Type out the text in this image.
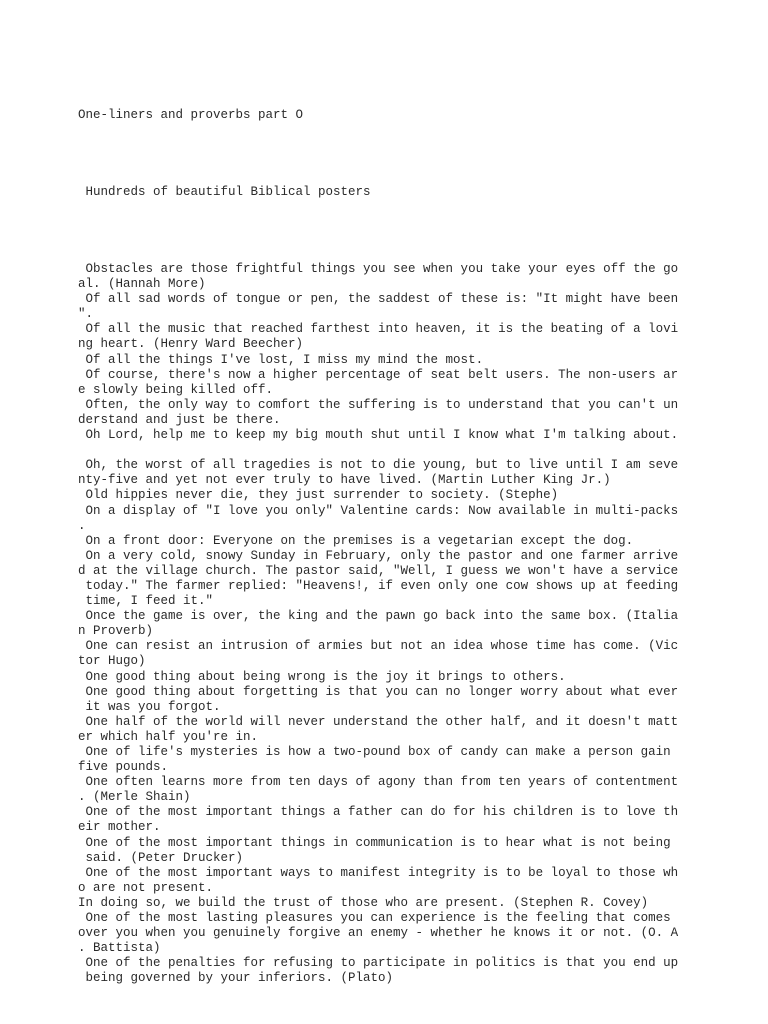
One-liners and proverbs part O
Hundreds of beautiful Biblical posters
Obstacles are those frightful things you see when you take your eyes off the go
al. (Hannah More)
Of all sad words of tongue or pen, the saddest of these is: "It might have been
".
Of all the music that reached farthest into heaven, it is the beating of a lovi
ng heart. (Henry Ward Beecher)
Of all the things I've lost, I miss my mind the most.
Of course, there's now a higher percentage of seat belt users. The non-users ar
e slowly being killed off.
Often, the only way to comfort the suffering is to understand that you can't un
derstand and just be there.
Oh Lord, help me to keep my big mouth shut until I know what I'm talking about.

Oh, the worst of all tragedies is not to die young, but to live until I am seve
nty-five and yet not ever truly to have lived. (Martin Luther King Jr.)
Old hippies never die, they just surrender to society. (Stephe)
On a display of "I love you only" Valentine cards: Now available in multi-packs
.
On a front door: Everyone on the premises is a vegetarian except the dog.
On a very cold, snowy Sunday in February, only the pastor and one farmer arrive
d at the village church. The pastor said, "Well, I guess we won't have a service
today." The farmer replied: "Heavens!, if even only one cow shows up at feeding
time, I feed it."
Once the game is over, the king and the pawn go back into the same box. (Italia
n Proverb)
One can resist an intrusion of armies but not an idea whose time has come. (Vic
tor Hugo)
One good thing about being wrong is the joy it brings to others.
One good thing about forgetting is that you can no longer worry about what ever
it was you forgot.
One half of the world will never understand the other half, and it doesn't matt
er which half you're in.
One of life's mysteries is how a two-pound box of candy can make a person gain
five pounds.
One often learns more from ten days of agony than from ten years of contentment
. (Merle Shain)
One of the most important things a father can do for his children is to love th
eir mother.
One of the most important things in communication is to hear what is not being
said. (Peter Drucker)
One of the most important ways to manifest integrity is to be loyal to those wh
o are not present.
In doing so, we build the trust of those who are present. (Stephen R. Covey)
One of the most lasting pleasures you can experience is the feeling that comes
over you when you genuinely forgive an enemy - whether he knows it or not. (O. A
. Battista)
One of the penalties for refusing to participate in politics is that you end up
being governed by your inferiors. (Plato)
